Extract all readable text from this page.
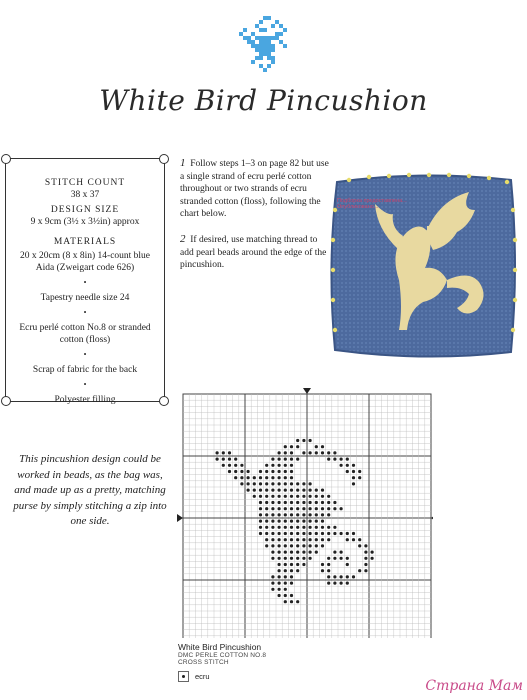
White Bird Pincushion
STITCH COUNT
38 x 37
DESIGN SIZE
9 x 9cm (3½ x 3½in) approx
MATERIALS
20 x 20cm (8 x 8in) 14-count blue Aida (Zweigart code 626)
•
Tapestry needle size 24
•
Ecru perlé cotton No.8 or stranded cotton (floss)
•
Scrap of fabric for the back
•
Polyester filling

1 Follow steps 1–3 on page 82 but use a single strand of ecru perlé cotton throughout or two strands of ecru stranded cotton (floss), following the chart below.

2 If desired, use matching thread to add pearl beads around the edge of the pincushion.

Подборка предоставлена...
Опубликовано...
This pincushion design could be worked in beads, as the bag was, and made up as a pretty, matching purse by simply stitching a zip into one side.
White Bird Pincushion
DMC PERLE COTTON NO.8
CROSS STITCH
ecru
Страна Мам
